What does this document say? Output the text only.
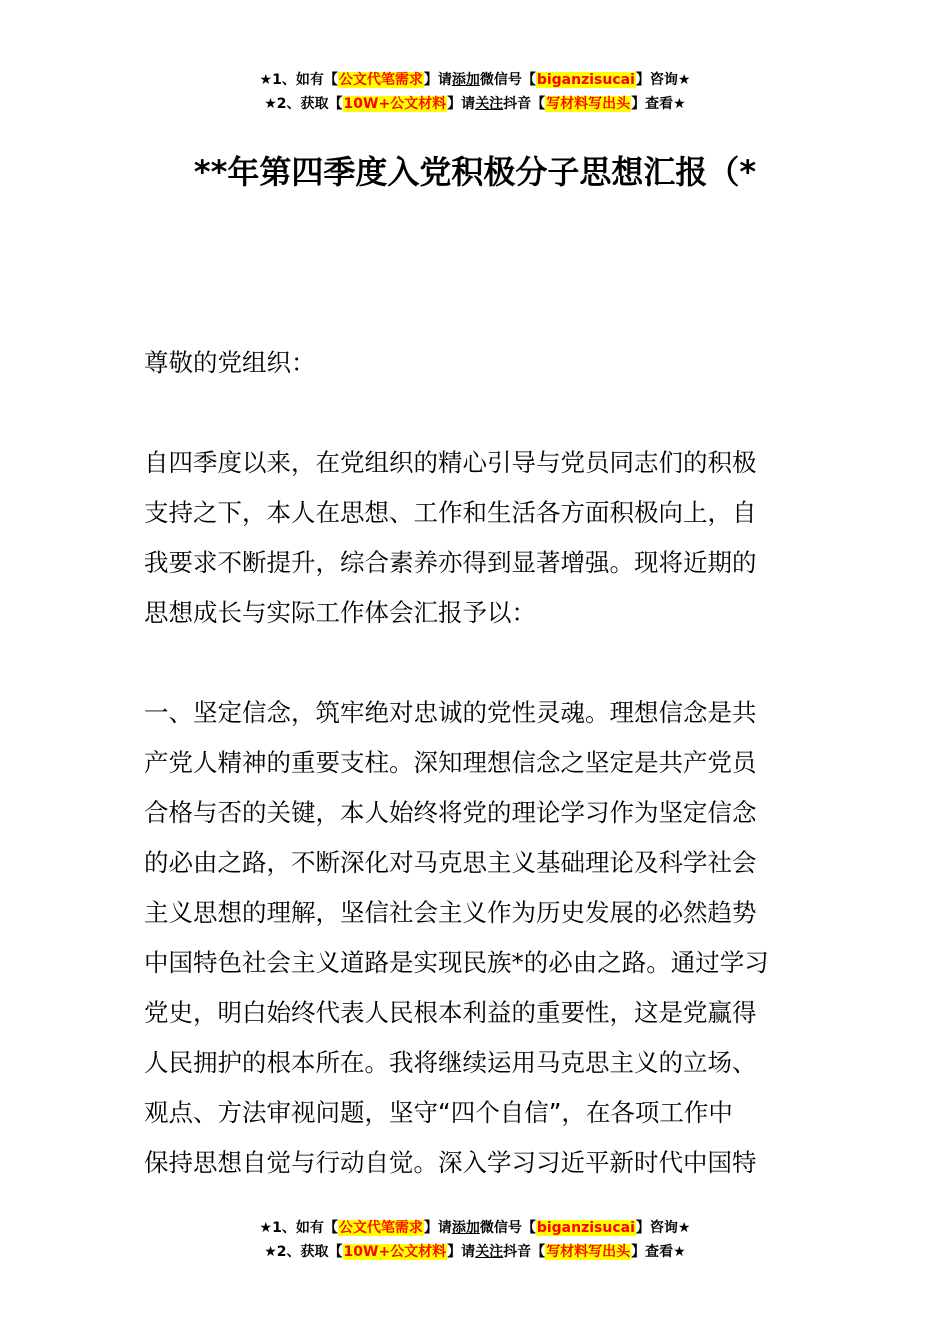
★1、如有【公文代笔需求】请添加微信号【biganzisucai】咨询★
★2、获取【10W+公文材料】请关注抖音【写材料写出头】查看★
**年第四季度入党积极分子思想汇报（*
尊敬的党组织：
自四季度以来，在党组织的精心引导与党员同志们的积极
支持之下，本人在思想、工作和生活各方面积极向上，自
我要求不断提升，综合素养亦得到显著增强。现将近期的
思想成长与实际工作体会汇报予以：
一、坚定信念，筑牢绝对忠诚的党性灵魂。理想信念是共
产党人精神的重要支柱。深知理想信念之坚定是共产党员
合格与否的关键，本人始终将党的理论学习作为坚定信念
的必由之路，不断深化对马克思主义基础理论及科学社会
主义思想的理解，坚信社会主义作为历史发展的必然趋势
中国特色社会主义道路是实现民族*的必由之路。通过学习
党史，明白始终代表人民根本利益的重要性，这是党赢得
人民拥护的根本所在。我将继续运用马克思主义的立场、
观点、方法审视问题，坚守“四个自信”，在各项工作中
保持思想自觉与行动自觉。深入学习习近平新时代中国特
★1、如有【公文代笔需求】请添加微信号【biganzisucai】咨询★
★2、获取【10W+公文材料】请关注抖音【写材料写出头】查看★
